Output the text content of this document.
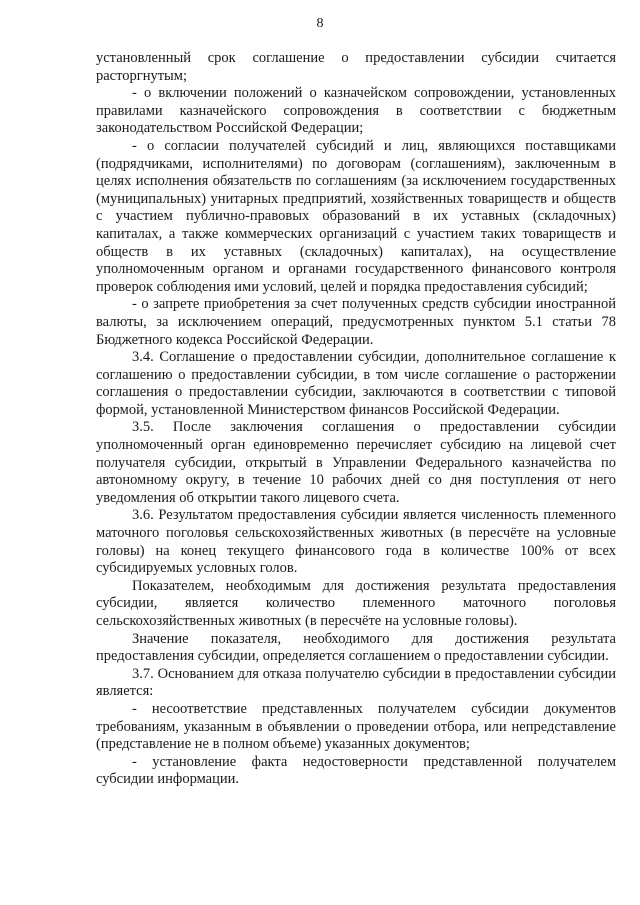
8

установленный срок соглашение о предоставлении субсидии считается расторгнутым;

- о включении положений о казначейском сопровождении, установленных правилами казначейского сопровождения в соответствии с бюджетным законодательством Российской Федерации;

- о согласии получателей субсидий и лиц, являющихся поставщиками (подрядчиками, исполнителями) по договорам (соглашениям), заключенным в целях исполнения обязательств по соглашениям (за исключением государственных (муниципальных) унитарных предприятий, хозяйственных товариществ и обществ с участием публично-правовых образований в их уставных (складочных) капиталах, а также коммерческих организаций с участием таких товариществ и обществ в их уставных (складочных) капиталах), на осуществление уполномоченным органом и органами государственного финансового контроля проверок соблюдения ими условий, целей и порядка предоставления субсидий;

- о запрете приобретения за счет полученных средств субсидии иностранной валюты, за исключением операций, предусмотренных пунктом 5.1 статьи 78 Бюджетного кодекса Российской Федерации.

3.4. Соглашение о предоставлении субсидии, дополнительное соглашение к соглашению о предоставлении субсидии, в том числе соглашение о расторжении соглашения о предоставлении субсидии, заключаются в соответствии с типовой формой, установленной Министерством финансов Российской Федерации.

3.5. После заключения соглашения о предоставлении субсидии уполномоченный орган единовременно перечисляет субсидию на лицевой счет получателя субсидии, открытый в Управлении Федерального казначейства по автономному округу, в течение 10 рабочих дней со дня поступления от него уведомления об открытии такого лицевого счета.

3.6. Результатом предоставления субсидии является численность племенного маточного поголовья сельскохозяйственных животных (в пересчёте на условные головы) на конец текущего финансового года в количестве 100% от всех субсидируемых условных голов.

Показателем, необходимым для достижения результата предоставления субсидии, является количество племенного маточного поголовья сельскохозяйственных животных (в пересчёте на условные головы).

Значение показателя, необходимого для достижения результата предоставления субсидии, определяется соглашением о предоставлении субсидии.

3.7. Основанием для отказа получателю субсидии в предоставлении субсидии является:

- несоответствие представленных получателем субсидии документов требованиям, указанным в объявлении о проведении отбора, или непредставление (представление не в полном объеме) указанных документов;

- установление факта недостоверности представленной получателем субсидии информации.
